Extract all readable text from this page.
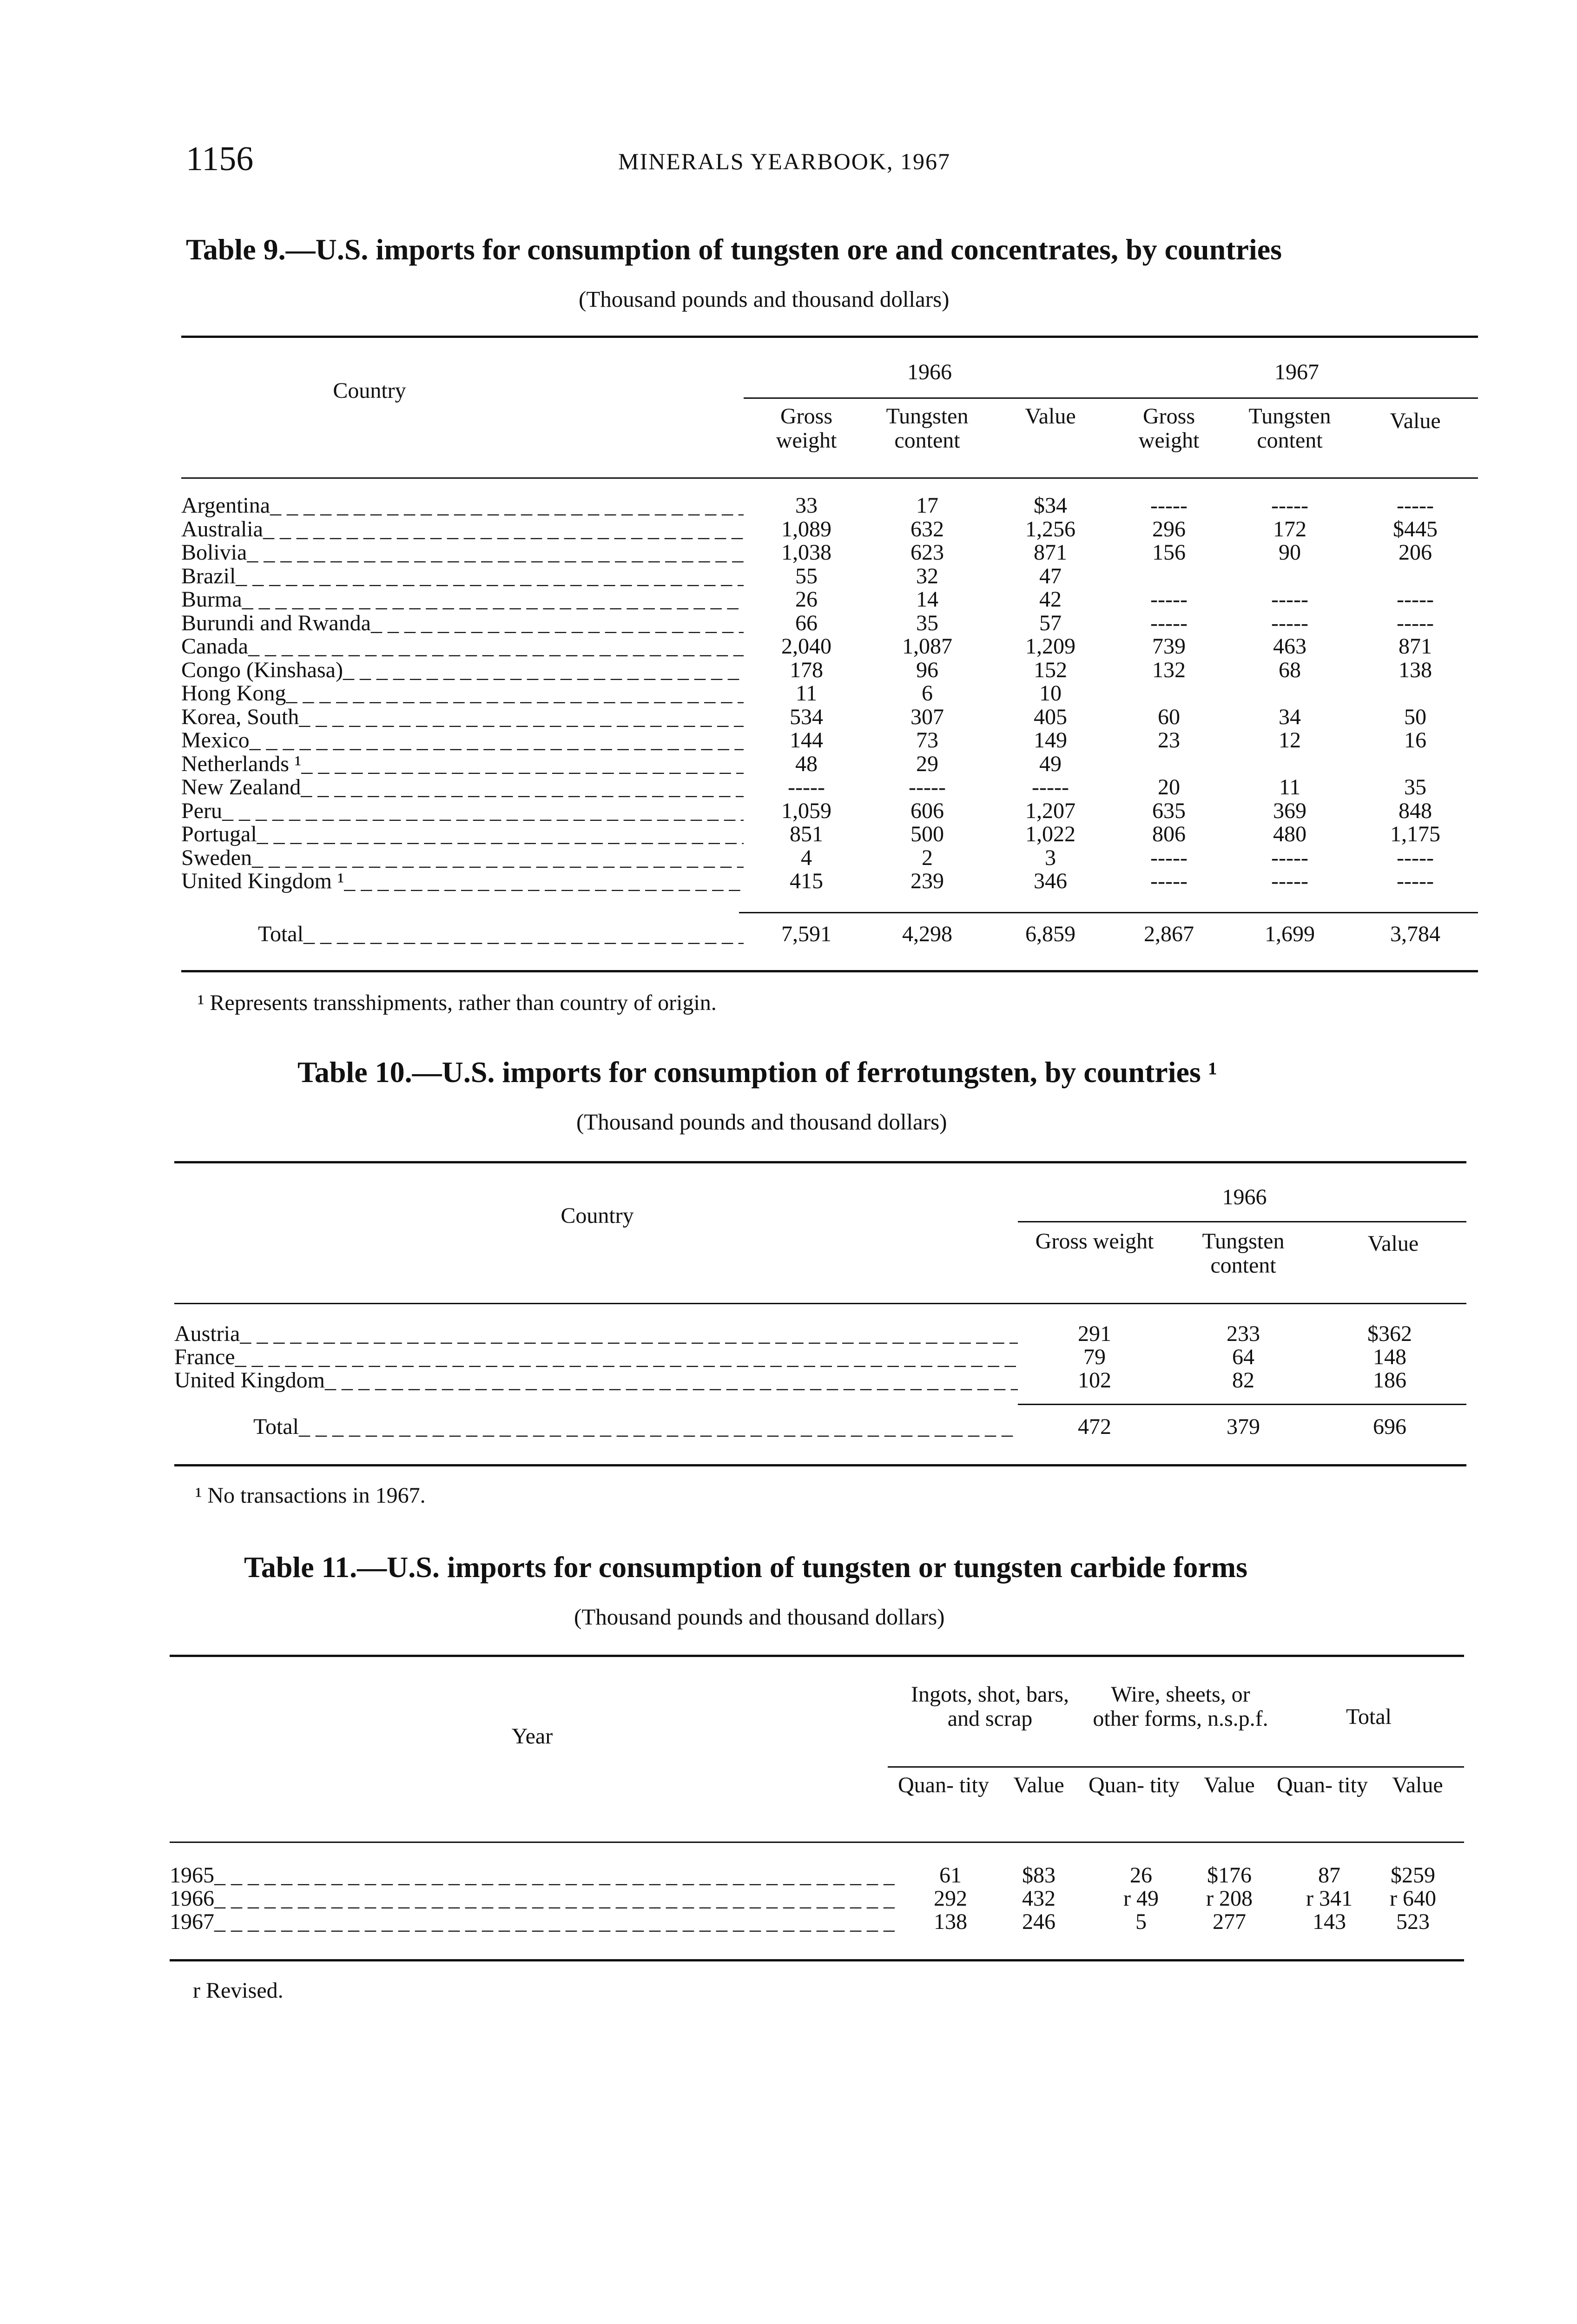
1156	MINERALS YEARBOOK, 1967
Table 9.—U.S. imports for consumption of tungsten ore and concentrates, by countries
(Thousand pounds and thousand dollars)
Country
1966	1967
Gross weight
Tungsten content
Value	Gross weight
Tungsten content
Value
Argentina _ _ _	33	17	$34	-----	-----	-----
Australia _ _ _	1,089	632	1,256	296	172	$445
Bolivia _ _ _	1,038	623	871	156	90	206
Brazil _ _ _	55	32	47
Burma _ _ _	26	14	42	-----	-----	-----
Burundi and Rwanda _ _ _	66	35	57	-----	-----	-----
Canada _ _ _	2,040	1,087	1,209	739	463	871
Congo (Kinshasa) _ _ _	178	96	152	132	68	138
Hong Kong _ _ _	11	6	10
Korea, South _ _ _	534	307	405	60	34	50
Mexico _ _ _	144	73	149	23	12	16
Netherlands ¹ _ _ _	48	29	49
New Zealand _ _ _	-----	-----	-----	20	11	35
Peru _ _ _	1,059	606	1,207	635	369	848
Portugal _ _ _	851	500	1,022	806	480	1,175
Sweden _ _ _	4	2	3	-----	-----	-----
United Kingdom ¹ _ _ _	415	239	346	-----	-----	-----
Total _ _ _	7,591	4,298	6,859	2,867	1,699	3,784
¹ Represents transshipments, rather than country of origin.
Table 10.—U.S. imports for consumption of ferrotungsten, by countries ¹
(Thousand pounds and thousand dollars)
Country
1966
Gross weight	Tungsten content
Value
Austria _ _ _	291	233	$362
France _ _ _	79	64	148
United Kingdom _ _ _	102	82	186
Total _ _ _	472	379	696
¹ No transactions in 1967.
Table 11.—U.S. imports for consumption of tungsten or tungsten carbide forms
(Thousand pounds and thousand dollars)
Year
Ingots, shot, bars, and scrap
Wire, sheets, or other forms, n.s.p.f.	Total
Quan- tity	Value	Quan- tity	Value Quan- tity	Value
1965 _ _ _	61	$83	26	$176	87	$259
1966 _ _ _	292	432	r 49	r 208	r 341	r 640
1967 _ _ _	138	246	5	277	143	523
r Revised.
